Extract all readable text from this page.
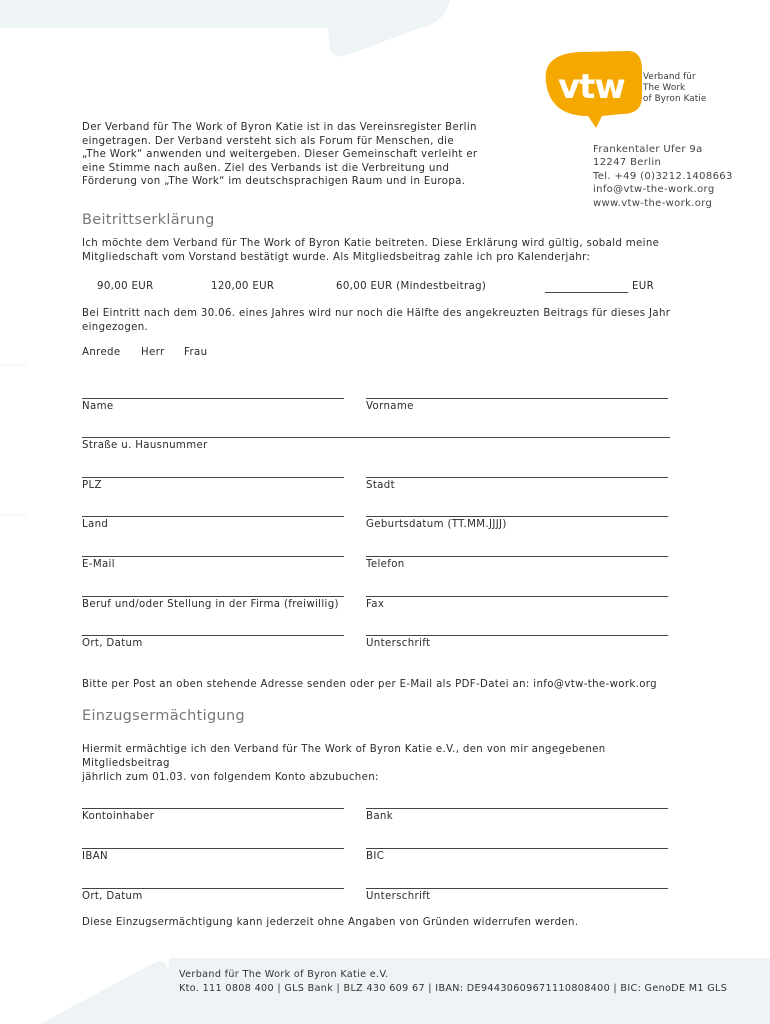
vtw Verband für
The Work
of Byron Katie
Der Verband für The Work of Byron Katie ist in das Vereinsregister Berlin
eingetragen. Der Verband versteht sich als Forum für Menschen, die
„The Work“ anwenden und weitergeben. Dieser Gemeinschaft verleiht er
eine Stimme nach außen. Ziel des Verbands ist die Verbreitung und
Förderung von „The Work“ im deutschsprachigen Raum und in Europa.
Frankentaler Ufer 9a
12247 Berlin
Tel. +49 (0)3212.1408663
info@vtw-the-work.org
www.vtw-the-work.org
Beitrittserklärung
Ich möchte dem Verband für The Work of Byron Katie beitreten. Diese Erklärung wird gültig, sobald meine
Mitgliedschaft vom Vorstand bestätigt wurde. Als Mitgliedsbeitrag zahle ich pro Kalenderjahr:
90,00 EUR	120,00 EUR	60,00 EUR (Mindestbeitrag)	EUR
Bei Eintritt nach dem 30.06. eines Jahres wird nur noch die Hälfte des angekreuzten Beitrags für dieses Jahr
eingezogen.
Anrede Herr Frau
Name	Vorname
Straße u. Hausnummer
PLZ	Stadt
Land	Geburtsdatum (TT.MM.JJJJ)
E-Mail	Telefon
Beruf und/oder Stellung in der Firma (freiwillig)	Fax
Ort, Datum	Unterschrift
Bitte per Post an oben stehende Adresse senden oder per E-Mail als PDF-Datei an: info@vtw-the-work.org
Einzugsermächtigung
Hiermit ermächtige ich den Verband für The Work of Byron Katie e.V., den von mir angegebenen Mitgliedsbeitrag
jährlich zum 01.03. von folgendem Konto abzubuchen:
Kontoinhaber	Bank
IBAN	BIC
Ort, Datum	Unterschrift
Diese Einzugsermächtigung kann jederzeit ohne Angaben von Gründen widerrufen werden.
Verband für The Work of Byron Katie e.V.
Kto. 111 0808 400 | GLS Bank | BLZ 430 609 67 | IBAN: DE94430609671110808400 | BIC: GenoDE M1 GLS
